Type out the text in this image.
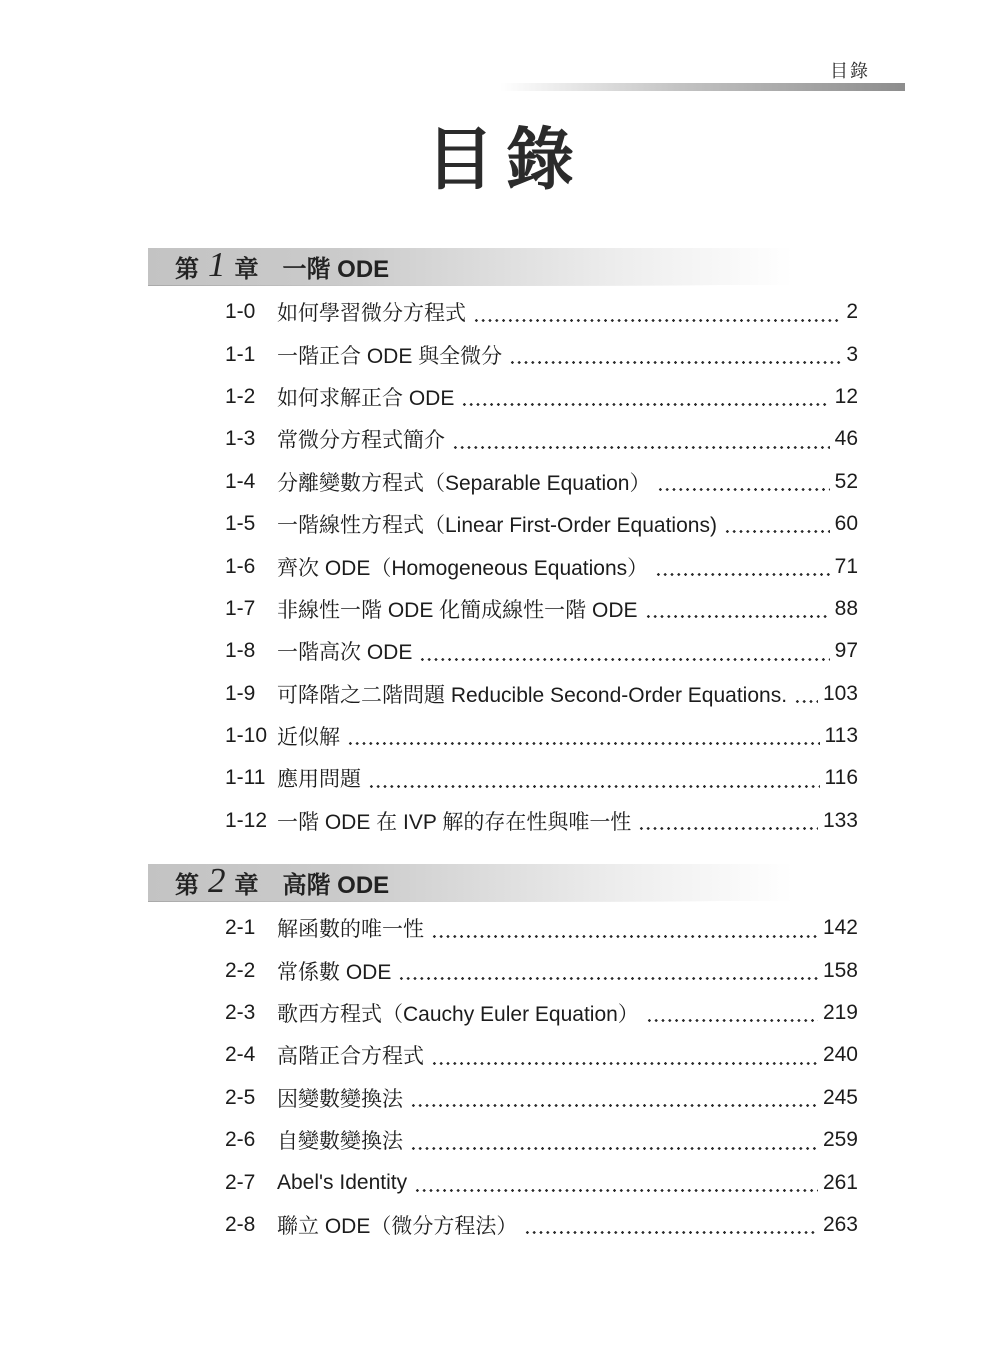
目錄
目錄
第 1 章 一階 ODE
1-0	如何學習微分方程式	2
1-1	一階正合 ODE 與全微分	3
1-2	如何求解正合 ODE	12
1-3	常微分方程式簡介	46
1-4	分離變數方程式（Separable Equation）	52
1-5	一階線性方程式（Linear First-Order Equations)	60
1-6	齊次 ODE（Homogeneous Equations）	71
1-7	非線性一階 ODE 化簡成線性一階 ODE	88
1-8	一階高次 ODE	97
1-9	可降階之二階問題 Reducible Second-Order Equations. 103
1-10 近似解	113
1-11 應用問題	116
1-12 一階 ODE 在 IVP 解的存在性與唯一性	133
第 2 章 高階 ODE
2-1	解函數的唯一性	142
2-2	常係數 ODE	158
2-3	歌西方程式（Cauchy Euler Equation）	219
2-4	高階正合方程式	240
2-5	因變數變換法	245
2-6	自變數變換法	259
2-7	Abel's Identity	261
2-8	聯立 ODE（微分方程法）	263
